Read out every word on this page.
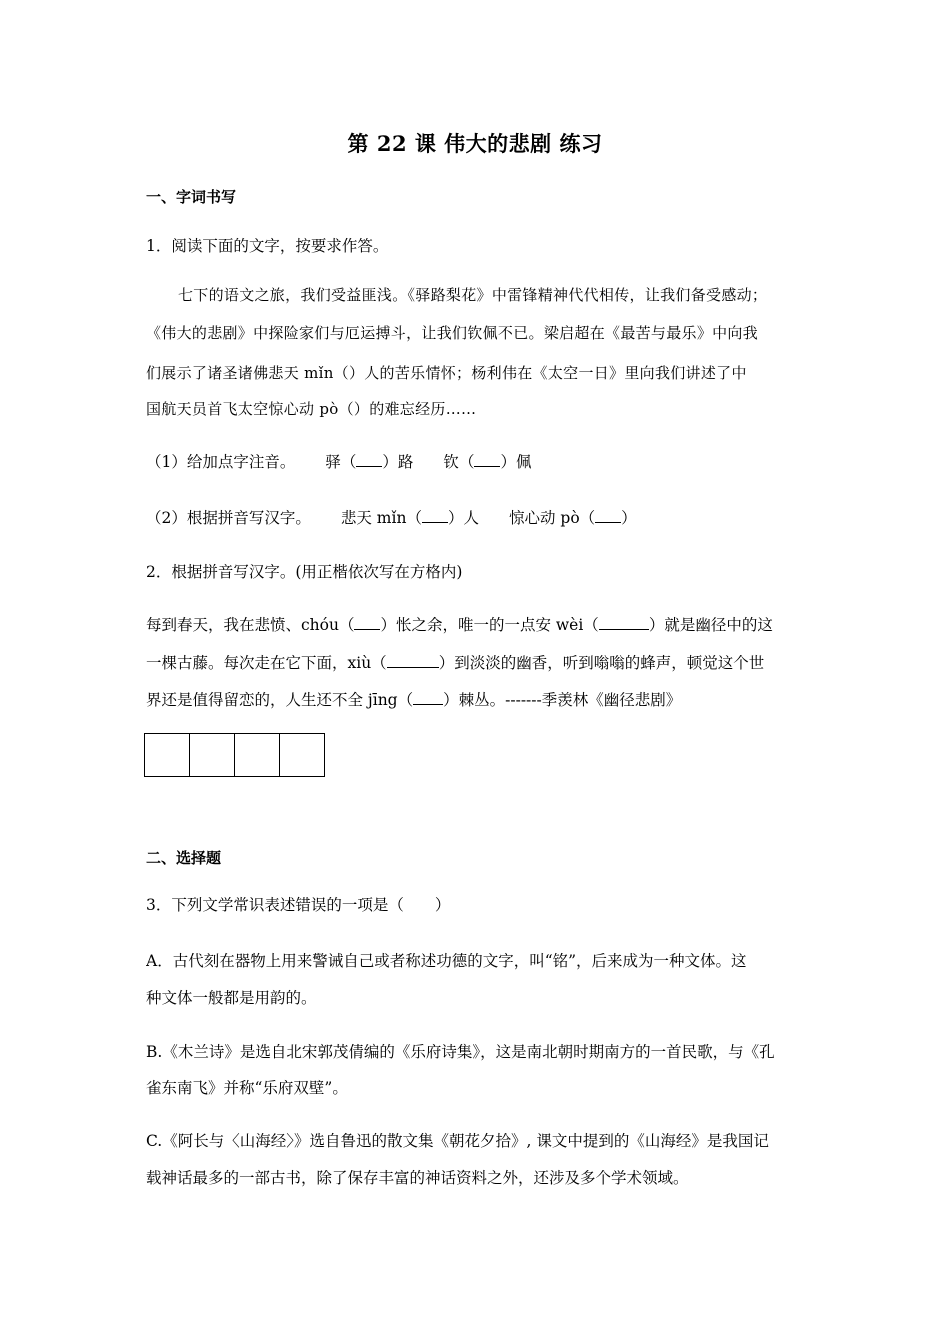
第 22 课 伟大的悲剧 练习
一、字词书写
1．阅读下面的文字，按要求作答。
七下的语文之旅，我们受益匪浅。《驿路梨花》中雷锋精神代代相传，让我们备受感动；
《伟大的悲剧》中探险家们与厄运搏斗，让我们钦佩不已。梁启超在《最苦与最乐》中向我
们展示了诸圣诸佛悲天 mǐn（）人的苦乐情怀；杨利伟在《太空一日》里向我们讲述了中
国航天员首飞太空惊心动 pò（）的难忘经历……
（1）给加点字注音。 驿（ ）路 钦（ ）佩
（2）根据拼音写汉字。 悲天 mǐn（ ）人 惊心动 pò（ ）
2．根据拼音写汉字。(用正楷依次写在方格内)
每到春天，我在悲愤、chóu（ ）怅之余，唯一的一点安 wèi（	）就是幽径中的这
一棵古藤。每次走在它下面，xiù（	）到淡淡的幽香，听到嗡嗡的蜂声，顿觉这个世
界还是值得留恋的，人生还不全 jīng（ ）棘丛。-------季羡林《幽径悲剧》
二、选择题
3．下列文学常识表述错误的一项是（　　）
A．古代刻在器物上用来警诫自己或者称述功德的文字，叫“铭”，后来成为一种文体。这
种文体一般都是用韵的。
B.《木兰诗》是选自北宋郭茂倩编的《乐府诗集》，这是南北朝时期南方的一首民歌，与《孔
雀东南飞》并称“乐府双壁”。
C.《阿长与〈山海经〉》选自鲁迅的散文集《朝花夕拾》, 课文中提到的《山海经》是我国记
载神话最多的一部古书，除了保存丰富的神话资料之外，还涉及多个学术领域。
